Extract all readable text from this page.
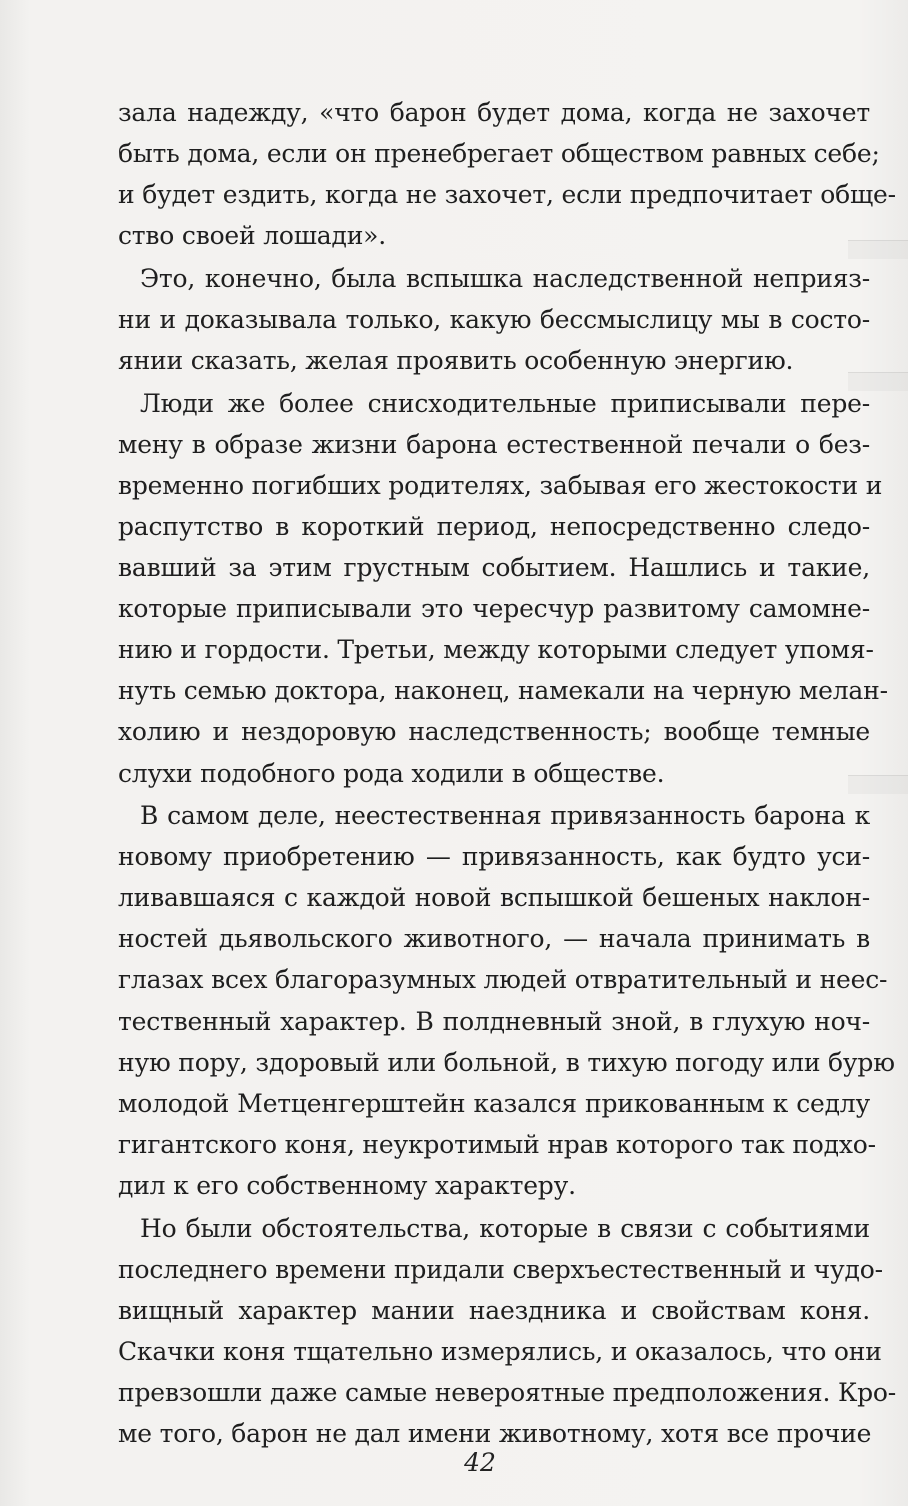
зала надежду, «что барон будет дома, когда не захочет
быть дома, если он пренебрегает обществом равных себе;
и будет ездить, когда не захочет, если предпочитает обще-
ство своей лошади».
Это, конечно, была вспышка наследственной неприяз-
ни и доказывала только, какую бессмыслицу мы в состо-
янии сказать, желая проявить особенную энергию.
Люди же более снисходительные приписывали пере-
мену в образе жизни барона естественной печали о без-
временно погибших родителях, забывая его жестокости и
распутство в короткий период, непосредственно следо-
вавший за этим грустным событием. Нашлись и такие,
которые приписывали это чересчур развитому самомне-
нию и гордости. Третьи, между которыми следует упомя-
нуть семью доктора, наконец, намекали на черную мелан-
холию и нездоровую наследственность; вообще темные
слухи подобного рода ходили в обществе.
В самом деле, неестественная привязанность барона к
новому приобретению — привязанность, как будто уси-
ливавшаяся с каждой новой вспышкой бешеных наклон-
ностей дьявольского животного, — начала принимать в
глазах всех благоразумных людей отвратительный и неес-
тественный характер. В полдневный зной, в глухую ноч-
ную пору, здоровый или больной, в тихую погоду или бурю
молодой Метценгерштейн казался прикованным к седлу
гигантского коня, неукротимый нрав которого так подхо-
дил к его собственному характеру.
Но были обстоятельства, которые в связи с событиями
последнего времени придали сверхъестественный и чудо-
вищный характер мании наездника и свойствам коня.
Скачки коня тщательно измерялись, и оказалось, что они
превзошли даже самые невероятные предположения. Кро-
ме того, барон не дал имени животному, хотя все прочие
42
